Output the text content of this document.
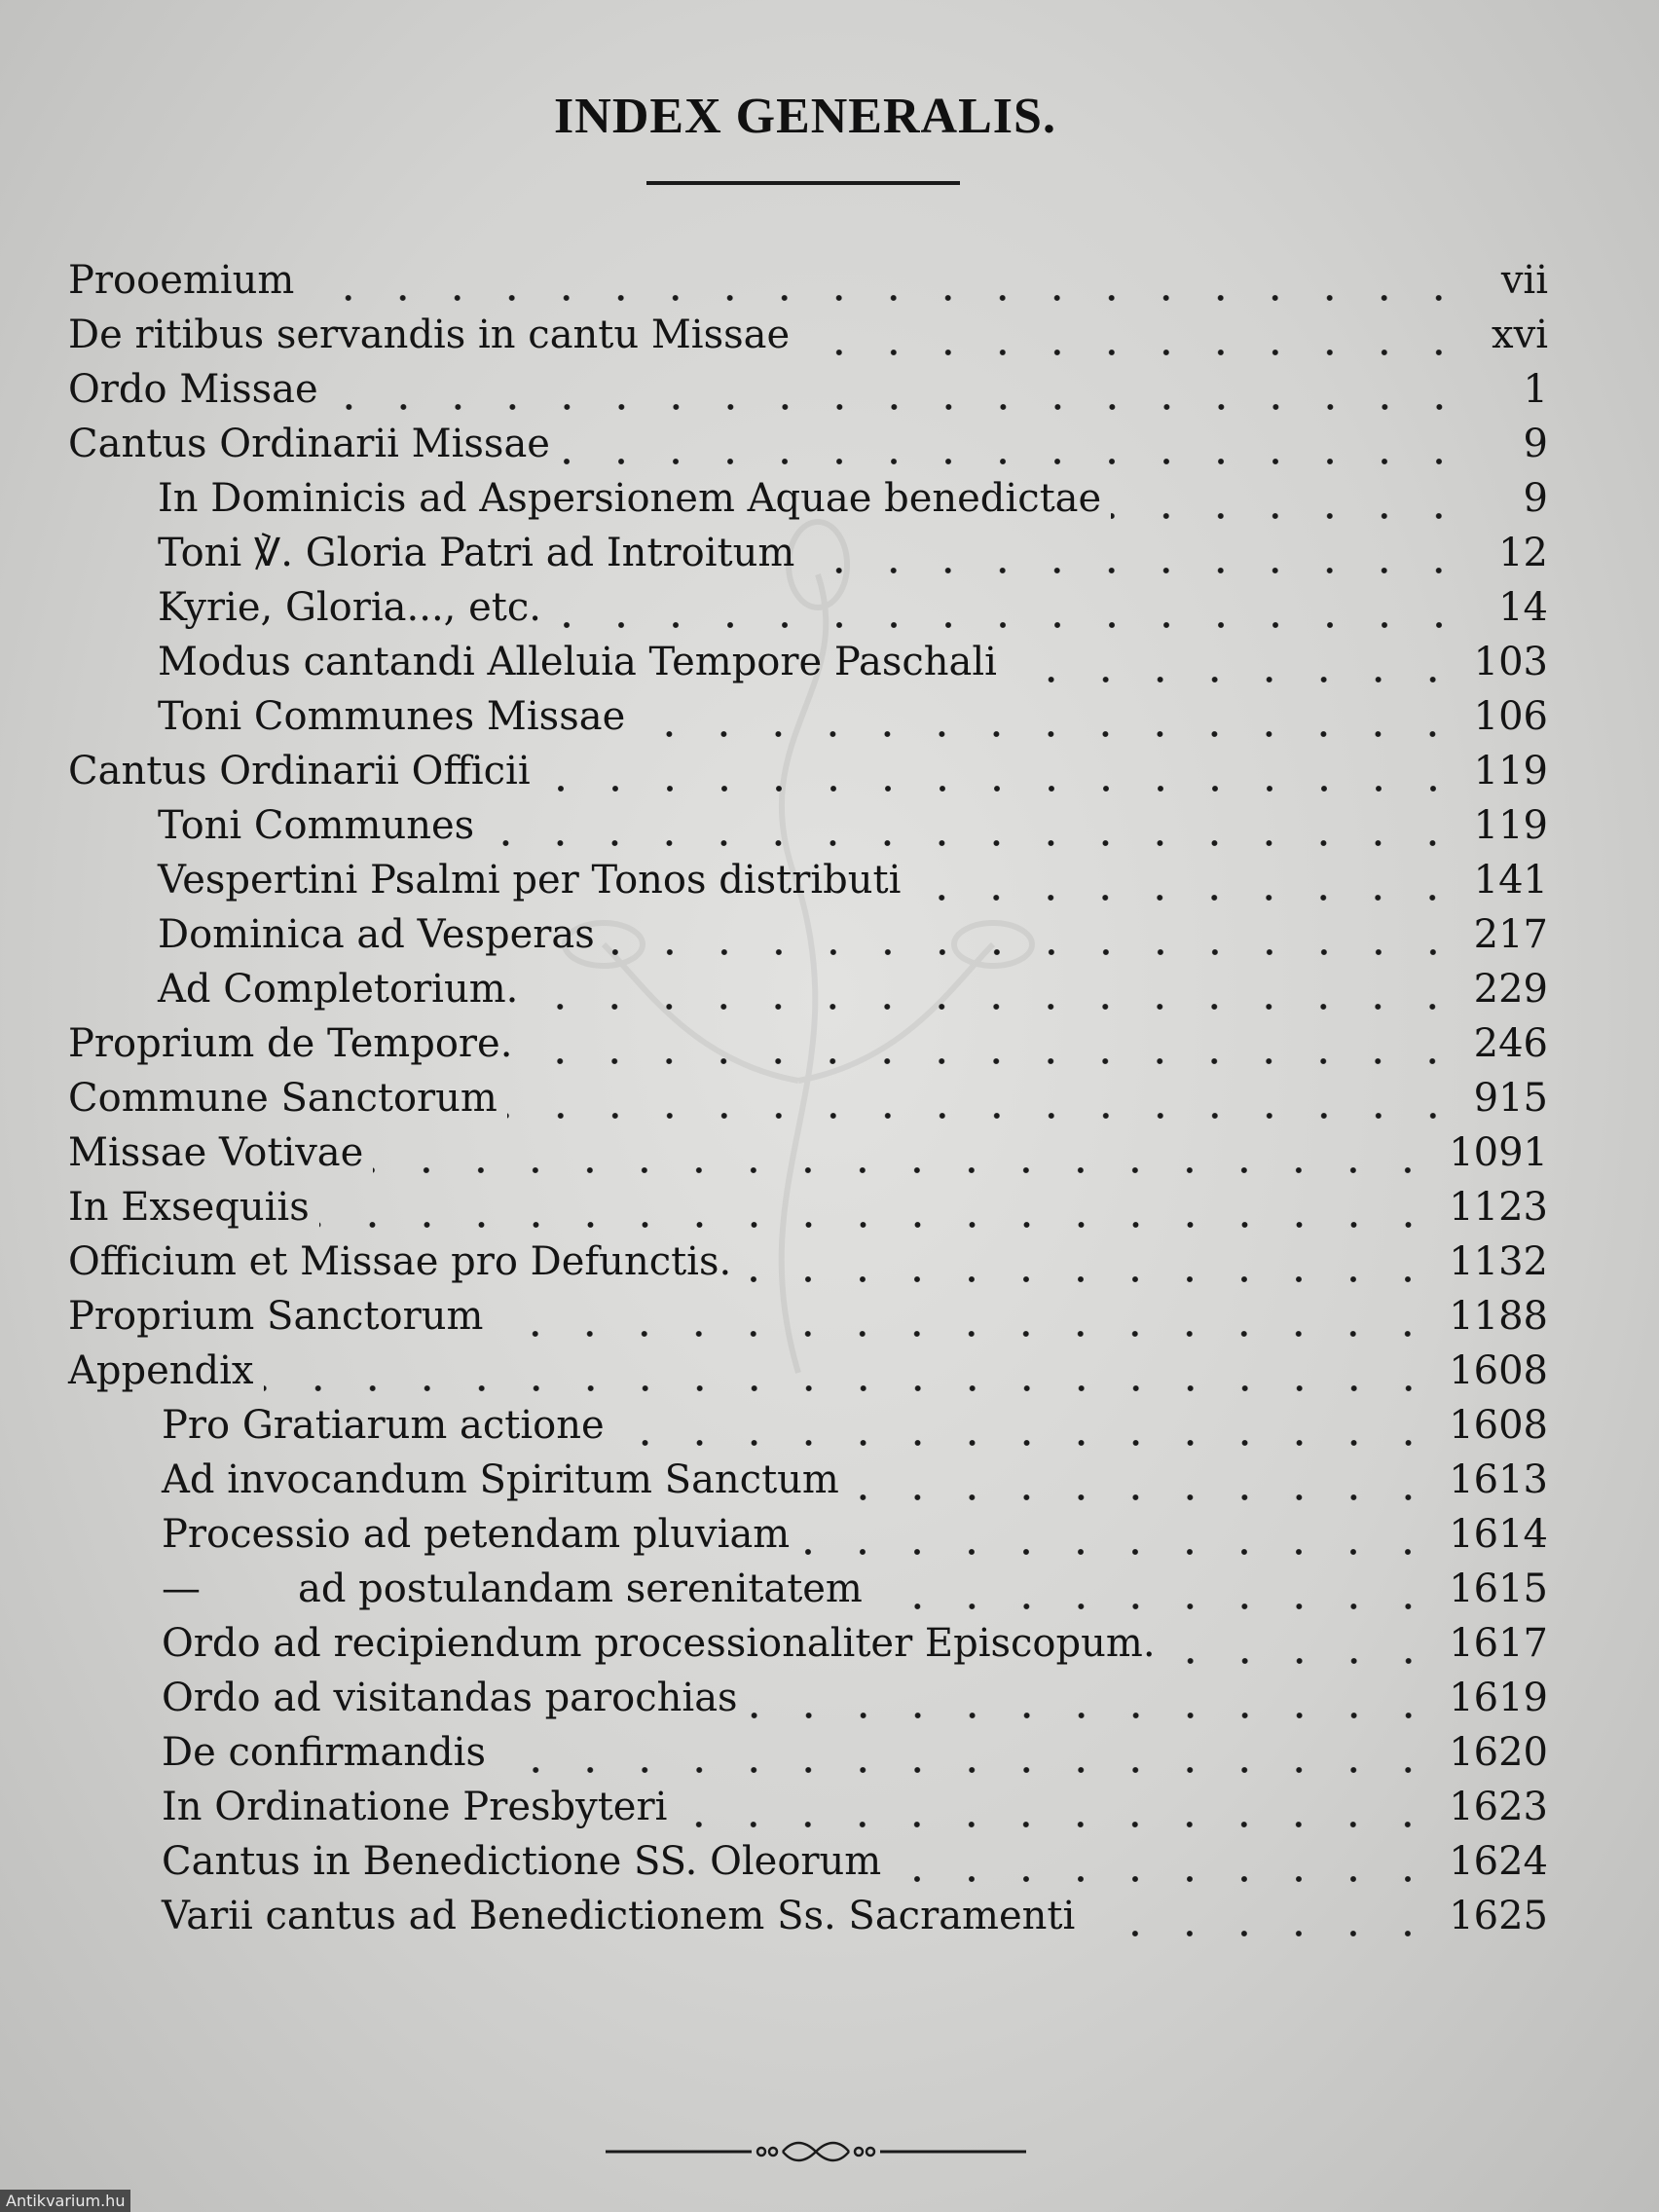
INDEX GENERALIS.
Prooemium	vii
De ritibus servandis in cantu Missae	xvi
Ordo Missae	1
Cantus Ordinarii Missae	9
In Dominicis ad Aspersionem Aquae benedictae	9
Toni ℣. Gloria Patri ad Introitum	12
Kyrie, Gloria..., etc.	14
Modus cantandi Alleluia Tempore Paschali	103
Toni Communes Missae	106
Cantus Ordinarii Officii	119
Toni Communes	119
Vespertini Psalmi per Tonos distributi	141
Dominica ad Vesperas	217
Ad Completorium.	229
Proprium de Tempore.	246
Commune Sanctorum	915
Missae Votivae	1091
In Exsequiis	1123
Officium et Missae pro Defunctis.	1132
Proprium Sanctorum	1188
Appendix	1608
Pro Gratiarum actione	1608
Ad invocandum Spiritum Sanctum	1613
Processio ad petendam pluviam	1614
—	ad postulandam serenitatem	1615
Ordo ad recipiendum processionaliter Episcopum.	1617
Ordo ad visitandas parochias	1619
De confirmandis	1620
In Ordinatione Presbyteri	1623
Cantus in Benedictione SS. Oleorum	1624
Varii cantus ad Benedictionem Ss. Sacramenti	1625
Antikvarium.hu
